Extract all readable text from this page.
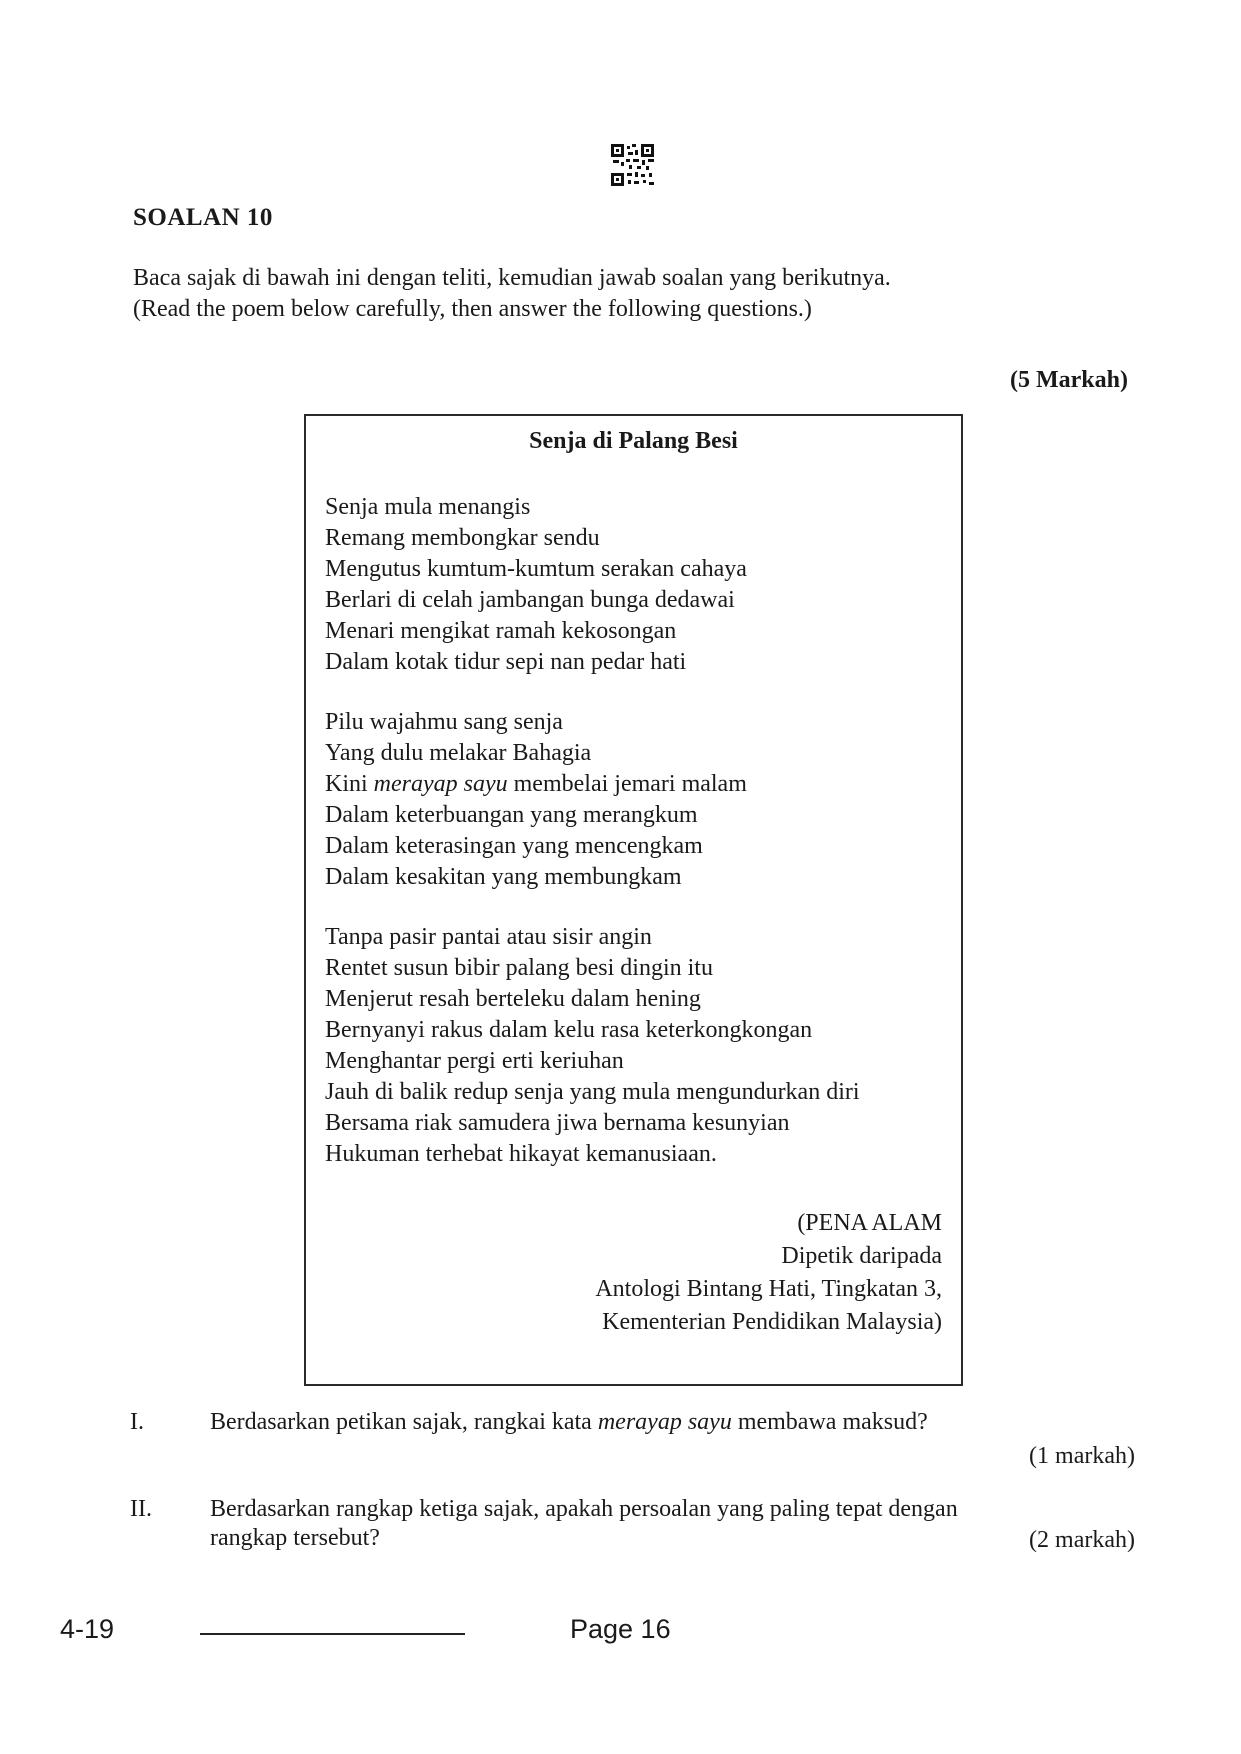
SOALAN 10
Baca sajak di bawah ini dengan teliti, kemudian jawab soalan yang berikutnya.
(Read the poem below carefully, then answer the following questions.)
(5 Markah)
Senja di Palang Besi
Senja mula menangis
Remang membongkar sendu
Mengutus kumtum-kumtum serakan cahaya
Berlari di celah jambangan bunga dedawai
Menari mengikat ramah kekosongan
Dalam kotak tidur sepi nan pedar hati
Pilu wajahmu sang senja
Yang dulu melakar Bahagia
Kini merayap sayu membelai jemari malam
Dalam keterbuangan yang merangkum
Dalam keterasingan yang mencengkam
Dalam kesakitan yang membungkam
Tanpa pasir pantai atau sisir angin
Rentet susun bibir palang besi dingin itu
Menjerut resah berteleku dalam hening
Bernyanyi rakus dalam kelu rasa keterkongkongan
Menghantar pergi erti keriuhan
Jauh di balik redup senja yang mula mengundurkan diri
Bersama riak samudera jiwa bernama kesunyian
Hukuman terhebat hikayat kemanusiaan.
(PENA ALAM
Dipetik daripada
Antologi Bintang Hati, Tingkatan 3,
Kementerian Pendidikan Malaysia)
I.	Berdasarkan petikan sajak, rangkai kata merayap sayu membawa maksud?
(1 markah)
II. Berdasarkan rangkap ketiga sajak, apakah persoalan yang paling tepat dengan
rangkap tersebut?	(2 markah)
4-19	Page 16
